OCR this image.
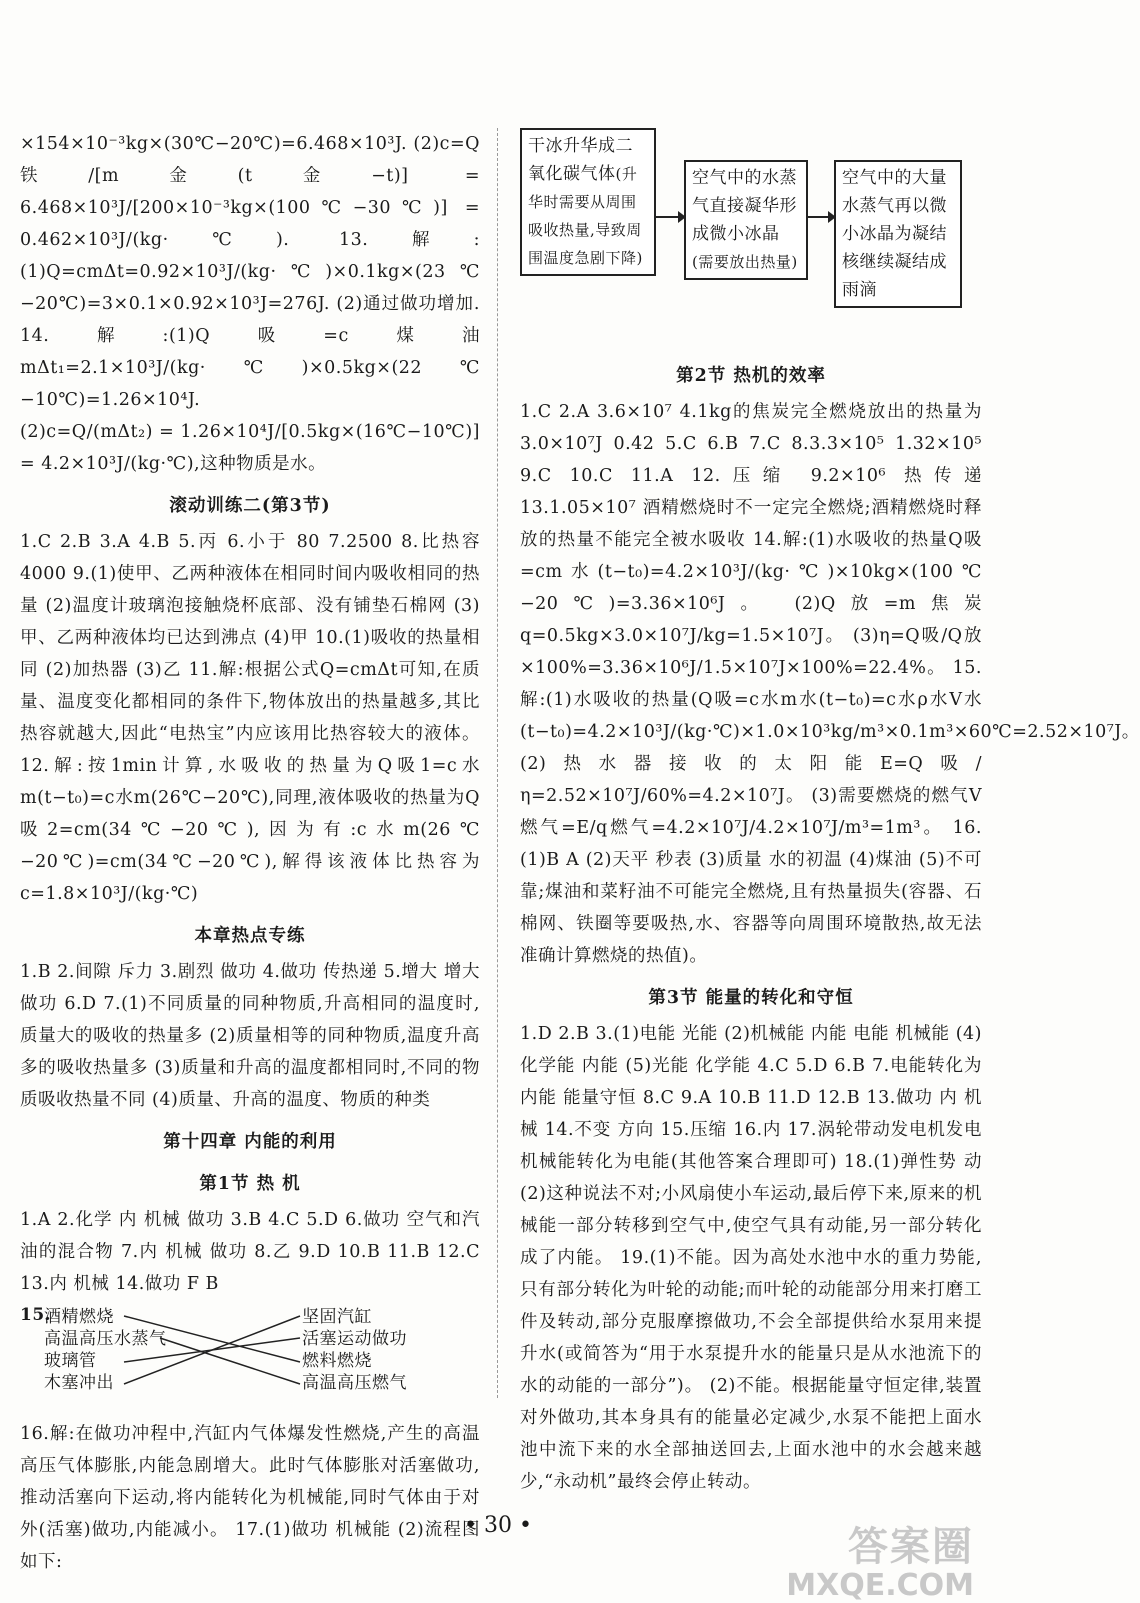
×154×10⁻³kg×(30℃−20℃)=6.468×10³J. (2)c=Q铁/[m金(t金−t)] = 6.468×10³J/[200×10⁻³kg×(100℃−30℃)] = 0.462×10³J/(kg·℃). 13.解:(1)Q=cmΔt=0.92×10³J/(kg·℃)×0.1kg×(23℃−20℃)=3×0.1×0.92×10³J=276J. (2)通过做功增加. 14.解:(1)Q吸=c煤油mΔt₁=2.1×10³J/(kg·℃)×0.5kg×(22℃−10℃)=1.26×10⁴J.

(2)c=Q/(mΔt₂) = 1.26×10⁴J/[0.5kg×(16℃−10℃)] = 4.2×10³J/(kg·℃),这种物质是水。

滚动训练二(第3节)

1.C 2.B 3.A 4.B 5.丙 6.小于 80 7.2500 8.比热容 4000 9.(1)使甲、乙两种液体在相同时间内吸收相同的热量 (2)温度计玻璃泡接触烧杯底部、没有铺垫石棉网 (3)甲、乙两种液体均已达到沸点 (4)甲 10.(1)吸收的热量相同 (2)加热器 (3)乙 11.解:根据公式Q=cmΔt可知,在质量、温度变化都相同的条件下,物体放出的热量越多,其比热容就越大,因此“电热宝”内应该用比热容较大的液体。 12.解:按1min计算,水吸收的热量为Q吸1=c水m(t−t₀)=c水m(26℃−20℃),同理,液体吸收的热量为Q吸2=cm(34℃−20℃),因为有:c水m(26℃−20℃)=cm(34℃−20℃),解得该液体比热容为c=1.8×10³J/(kg·℃)

本章热点专练

1.B 2.间隙 斥力 3.剧烈 做功 4.做功 传热递 5.增大 增大 做功 6.D 7.(1)不同质量的同种物质,升高相同的温度时,质量大的吸收的热量多 (2)质量相等的同种物质,温度升高多的吸收热量多 (3)质量和升高的温度都相同时,不同的物质吸收热量不同 (4)质量、升高的温度、物质的种类

第十四章 内能的利用
第1节 热 机

1.A 2.化学 内 机械 做功 3.B 4.C 5.D 6.做功 空气和汽油的混合物 7.内 机械 做功 8.乙 9.D 10.B 11.B 12.C 13.内 机械 14.做功 F B

15.
酒精燃烧
高温高压水蒸气
玻璃管
木塞冲出
坚固汽缸
活塞运动做功
燃料燃烧
高温高压燃气

16.解:在做功冲程中,汽缸内气体爆发性燃烧,产生的高温高压气体膨胀,内能急剧增大。此时气体膨胀对活塞做功,推动活塞向下运动,将内能转化为机械能,同时气体由于对外(活塞)做功,内能减小。 17.(1)做功 机械能 (2)流程图如下:

干冰升华成二氧化碳气体(升华时需要从周围吸收热量,导致周围温度急剧下降)
空气中的水蒸气直接凝华形成微小冰晶(需要放出热量)
空气中的大量水蒸气再以微小冰晶为凝结核继续凝结成雨滴
第2节 热机的效率

1.C 2.A 3.6×10⁷ 4.1kg的焦炭完全燃烧放出的热量为3.0×10⁷J 0.42 5.C 6.B 7.C 8.3.3×10⁵ 1.32×10⁵ 9.C 10.C 11.A 12.压缩 9.2×10⁶ 热传递 13.1.05×10⁷ 酒精燃烧时不一定完全燃烧;酒精燃烧时释放的热量不能完全被水吸收 14.解:(1)水吸收的热量Q吸=cm水(t−t₀)=4.2×10³J/(kg·℃)×10kg×(100℃−20℃)=3.36×10⁶J。 (2)Q放=m焦炭q=0.5kg×3.0×10⁷J/kg=1.5×10⁷J。 (3)η=Q吸/Q放×100%=3.36×10⁶J/1.5×10⁷J×100%=22.4%。 15.解:(1)水吸收的热量(Q吸=c水m水(t−t₀)=c水ρ水V水(t−t₀)=4.2×10³J/(kg·℃)×1.0×10³kg/m³×0.1m³×60℃=2.52×10⁷J。 (2)热水器接收的太阳能E=Q吸/η=2.52×10⁷J/60%=4.2×10⁷J。 (3)需要燃烧的燃气V燃气=E/q燃气=4.2×10⁷J/4.2×10⁷J/m³=1m³。 16.(1)B A (2)天平 秒表 (3)质量 水的初温 (4)煤油 (5)不可靠;煤油和菜籽油不可能完全燃烧,且有热量损失(容器、石棉网、铁圈等要吸热,水、容器等向周围环境散热,故无法准确计算燃烧的热值)。

第3节 能量的转化和守恒

1.D 2.B 3.(1)电能 光能 (2)机械能 内能 电能 机械能 (4)化学能 内能 (5)光能 化学能 4.C 5.D 6.B 7.电能转化为内能 能量守恒 8.C 9.A 10.B 11.D 12.B 13.做功 内 机械 14.不变 方向 15.压缩 16.内 17.涡轮带动发电机发电 机械能转化为电能(其他答案合理即可) 18.(1)弹性势 动 (2)这种说法不对;小风扇使小车运动,最后停下来,原来的机械能一部分转移到空气中,使空气具有动能,另一部分转化成了内能。 19.(1)不能。因为高处水池中水的重力势能,只有部分转化为叶轮的动能;而叶轮的动能部分用来打磨工件及转动,部分克服摩擦做功,不会全部提供给水泵用来提升水(或简答为“用于水泵提升水的能量只是从水池流下的水的动能的一部分”)。 (2)不能。根据能量守恒定律,装置对外做功,其本身具有的能量必定减少,水泵不能把上面水池中流下来的水全部抽送回去,上面水池中的水会越来越少,“永动机”最终会停止转动。

• 30 •	答案圈
MXQE.COM
